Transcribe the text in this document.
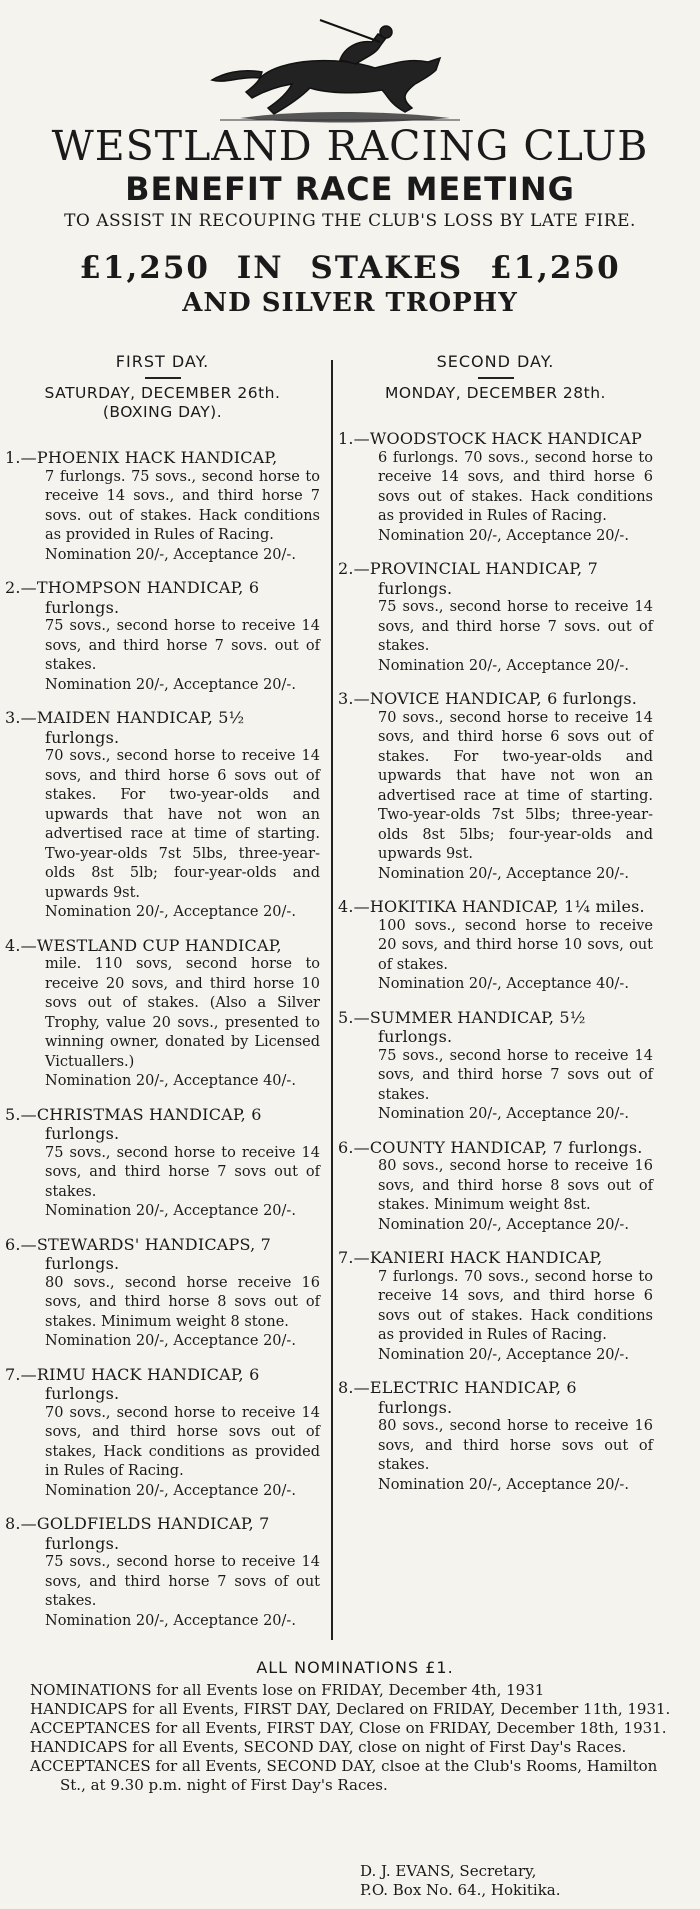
WESTLAND RACING CLUB
BENEFIT RACE MEETING
TO ASSIST IN RECOUPING THE CLUB'S LOSS BY LATE FIRE.
£1,250 IN STAKES £1,250
AND SILVER TROPHY
FIRST DAY.
SATURDAY, DECEMBER 26th.
(BOXING DAY).
1.—PHOENIX HACK HANDICAP,
7 furlongs. 75 sovs., second horse to receive 14 sovs., and third horse 7 sovs. out of stakes. Hack conditions as provided in Rules of Racing.
Nomination 20/-, Acceptance 20/-.
2.—THOMPSON HANDICAP, 6 furlongs.
75 sovs., second horse to receive 14 sovs, and third horse 7 sovs. out of stakes.
Nomination 20/-, Acceptance 20/-.
3.—MAIDEN HANDICAP, 5½ furlongs.
70 sovs., second horse to receive 14 sovs, and third horse 6 sovs out of stakes. For two-year-olds and upwards that have not won an advertised race at time of starting. Two-year-olds 7st 5lbs, three-year-olds 8st 5lb; four-year-olds and upwards 9st.
Nomination 20/-, Acceptance 20/-.
4.—WESTLAND CUP HANDICAP,
mile. 110 sovs, second horse to receive 20 sovs, and third horse 10 sovs out of stakes. (Also a Silver Trophy, value 20 sovs., presented to winning owner, donated by Licensed Victuallers.)
Nomination 20/-, Acceptance 40/-.
5.—CHRISTMAS HANDICAP, 6 furlongs.
75 sovs., second horse to receive 14 sovs, and third horse 7 sovs out of stakes.
Nomination 20/-, Acceptance 20/-.
6.—STEWARDS' HANDICAPS, 7 furlongs.
80 sovs., second horse receive 16 sovs, and third horse 8 sovs out of stakes. Minimum weight 8 stone.
Nomination 20/-, Acceptance 20/-.
7.—RIMU HACK HANDICAP, 6 furlongs.
70 sovs., second horse to receive 14 sovs, and third horse sovs out of stakes, Hack conditions as provided in Rules of Racing.
Nomination 20/-, Acceptance 20/-.
8.—GOLDFIELDS HANDICAP, 7 furlongs.
75 sovs., second horse to receive 14 sovs, and third horse 7 sovs of out stakes.
Nomination 20/-, Acceptance 20/-.
SECOND DAY.
MONDAY, DECEMBER 28th.
1.—WOODSTOCK HACK HANDICAP
6 furlongs. 70 sovs., second horse to receive 14 sovs, and third horse 6 sovs out of stakes. Hack conditions as provided in Rules of Racing.
Nomination 20/-, Acceptance 20/-.
2.—PROVINCIAL HANDICAP, 7 furlongs.
75 sovs., second horse to receive 14 sovs, and third horse 7 sovs. out of stakes.
Nomination 20/-, Acceptance 20/-.
3.—NOVICE HANDICAP, 6 furlongs.
70 sovs., second horse to receive 14 sovs, and third horse 6 sovs out of stakes. For two-year-olds and upwards that have not won an advertised race at time of starting. Two-year-olds 7st 5lbs; three-year-olds 8st 5lbs; four-year-olds and upwards 9st.
Nomination 20/-, Acceptance 20/-.
4.—HOKITIKA HANDICAP, 1¼ miles.
100 sovs., second horse to receive 20 sovs, and third horse 10 sovs, out of stakes.
Nomination 20/-, Acceptance 40/-.
5.—SUMMER HANDICAP, 5½ furlongs.
75 sovs., second horse to receive 14 sovs, and third horse 7 sovs out of stakes.
Nomination 20/-, Acceptance 20/-.
6.—COUNTY HANDICAP, 7 furlongs.
80 sovs., second horse to receive 16 sovs, and third horse 8 sovs out of stakes. Minimum weight 8st.
Nomination 20/-, Acceptance 20/-.
7.—KANIERI HACK HANDICAP,
7 furlongs. 70 sovs., second horse to receive 14 sovs, and third horse 6 sovs out of stakes. Hack conditions as provided in Rules of Racing.
Nomination 20/-, Acceptance 20/-.
8.—ELECTRIC HANDICAP, 6 furlongs.
80 sovs., second horse to receive 16 sovs, and third horse sovs out of stakes.
Nomination 20/-, Acceptance 20/-.
ALL NOMINATIONS £1.
NOMINATIONS for all Events lose on FRIDAY, December 4th, 1931
HANDICAPS for all Events, FIRST DAY, Declared on FRIDAY, December 11th, 1931.
ACCEPTANCES for all Events, FIRST DAY, Close on FRIDAY, December 18th, 1931.
HANDICAPS for all Events, SECOND DAY, close on night of First Day's Races.
ACCEPTANCES for all Events, SECOND DAY, clsoe at the Club's Rooms, Hamilton St., at 9.30 p.m. night of First Day's Races.
D. J. EVANS, Secretary,
P.O. Box No. 64., Hokitika.
